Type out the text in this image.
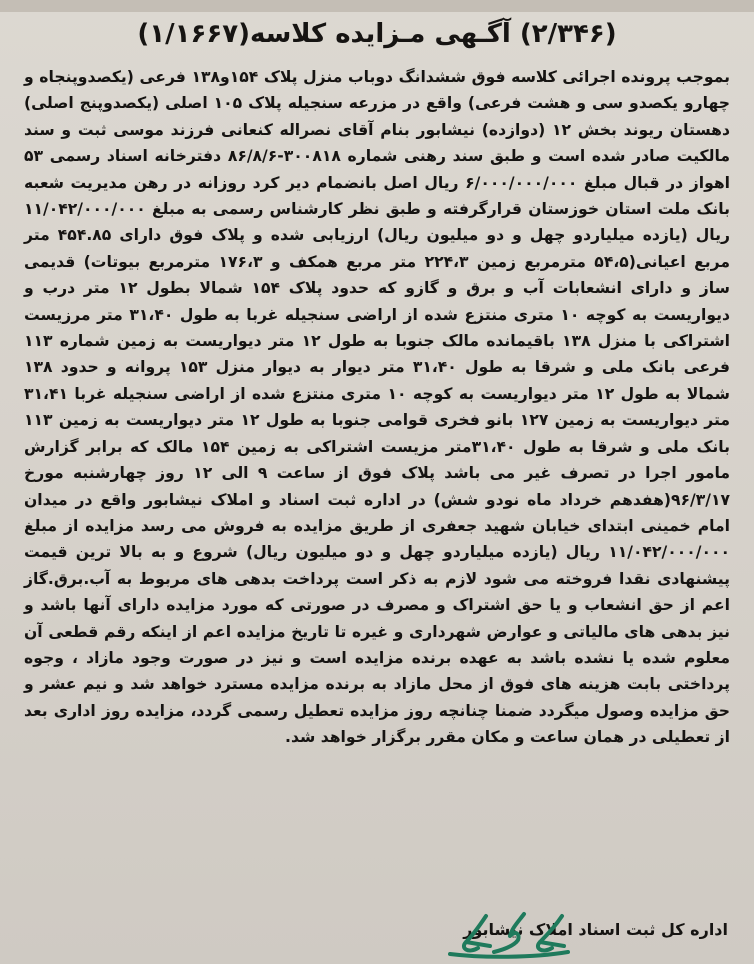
(۲/۳۴۶) آگـهی مـزایده کلاسه(۱/۱۶۶۷)

بموجب پرونده اجرائی کلاسه فوق ششدانگ دوباب منزل پلاک ۱۵۴و۱۳۸ فرعی (یکصدوپنجاه و چهارو یکصدو سی و هشت فرعی) واقع در مزرعه سنجیله پلاک ۱۰۵ اصلی (یکصدوپنج اصلی) دهستان ریوند بخش ۱۲ (دوازده) نیشابور بنام آقای نصراله کنعانی فرزند موسی ثبت و سند مالکیت صادر شده است و طبق سند رهنی شماره ۳۰۰۸۱۸-۸۶/۸/۶ دفترخانه اسناد رسمی ۵۳ اهواز در قبال مبلغ ۶/۰۰۰/۰۰۰/۰۰۰ ریال اصل بانضمام دیر کرد روزانه در رهن مدیریت شعبه بانک ملت استان خوزستان قرارگرفته و طبق نظر کارشناس رسمی به مبلغ ۱۱/۰۴۲/۰۰۰/۰۰۰ ریال (یازده میلیاردو چهل و دو میلیون ریال) ارزیابی شده و پلاک فوق دارای ۴۵۴.۸۵ متر مربع اعیانی(۵۴،۵ مترمربع زمین ۲۲۴،۳ متر مربع همکف و ۱۷۶،۳ مترمربع بیوتات) قدیمی ساز و دارای انشعابات آب و برق و گازو که حدود پلاک ۱۵۴ شمالا بطول ۱۲ متر درب و دیواریست به کوچه ۱۰ متری منتزع شده از اراضی سنجیله غربا به طول ۳۱،۴۰ متر مرزیست اشتراکی با منزل ۱۳۸ باقیمانده مالک جنوبا به طول ۱۲ متر دیواریست به زمین شماره ۱۱۳ فرعی بانک ملی و شرقا به طول ۳۱،۴۰ متر دیوار به دیوار منزل ۱۵۳ پروانه و حدود ۱۳۸ شمالا به طول ۱۲ متر دیواریست به کوچه ۱۰ متری منتزع شده از اراضی سنجیله غربا ۳۱،۴۱ متر دیواریست به زمین ۱۲۷ بانو فخری قوامی جنوبا به طول ۱۲ متر دیواریست به زمین ۱۱۳ بانک ملی و شرقا به طول ۳۱،۴۰متر مزیست اشتراکی به زمین ۱۵۴ مالک که برابر گزارش مامور اجرا در تصرف غیر می باشد پلاک فوق از ساعت ۹ الی ۱۲ روز چهارشنبه مورخ ۹۶/۳/۱۷(هفدهم خرداد ماه نودو شش) در اداره ثبت اسناد و املاک نیشابور واقع در میدان امام خمینی ابتدای خیابان شهید جعفری از طریق مزایده به فروش می رسد مزایده از مبلغ ۱۱/۰۴۲/۰۰۰/۰۰۰ ریال (یازده میلیاردو چهل و دو میلیون ریال) شروع و به بالا ترین قیمت پیشنهادی نقدا فروخته می شود لازم به ذکر است پرداخت بدهی های مربوط به آب.برق.گاز اعم از حق انشعاب و یا حق اشتراک و مصرف در صورتی که مورد مزایده دارای آنها باشد و نیز بدهی های مالیاتی و عوارض شهرداری و غیره تا تاریخ مزایده اعم از اینکه رقم قطعی آن معلوم شده یا نشده باشد به عهده برنده مزایده است و نیز در صورت وجود مازاد ، وجوه پرداختی بابت هزینه های فوق از محل مازاد به برنده مزایده مسترد خواهد شد و نیم عشر و حق مزایده وصول میگردد ضمنا چنانچه روز مزایده تعطیل رسمی گردد، مزایده روز اداری بعد از تعطیلی در همان ساعت و مکان مقرر برگزار خواهد شد.

اداره کل ثبت اسناد املاک نیشابور
